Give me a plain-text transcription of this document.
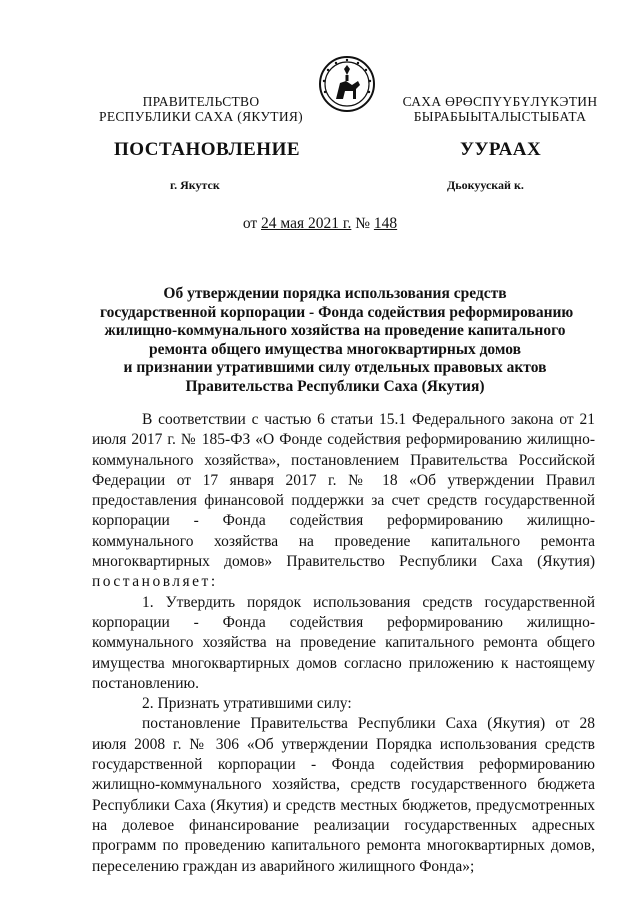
ПРАВИТЕЛЬСТВО
РЕСПУБЛИКИ САХА (ЯКУТИЯ)
САХА ӨРӨСПҮҮБҮЛҮКЭТИН
БЫРАБЫЫТАЛЫСТЫБАТА
ПОСТАНОВЛЕНИЕ	УУРААХ
г. Якутск	Дьокуускай к.
от 24 мая 2021 г. № 148
Об утверждении порядка использования средств
государственной корпорации - Фонда содействия реформированию
жилищно-коммунального хозяйства на проведение капитального
ремонта общего имущества многоквартирных домов
и признании утратившими силу отдельных правовых актов
Правительства Республики Саха (Якутия)

В соответствии с частью 6 статьи 15.1 Федерального закона от 21 июля 2017 г. № 185-ФЗ «О Фонде содействия реформированию жилищно-коммунального хозяйства», постановлением Правительства Российской Федерации от 17 января 2017 г. № 18 «Об утверждении Правил предоставления финансовой поддержки за счет средств государственной корпорации - Фонда содействия реформированию жилищно-коммунального хозяйства на проведение капитального ремонта многоквартирных домов» Правительство Республики Саха (Якутия) постановляет:

1. Утвердить порядок использования средств государственной корпорации - Фонда содействия реформированию жилищно-коммунального хозяйства на проведение капитального ремонта общего имущества многоквартирных домов согласно приложению к настоящему постановлению.

2. Признать утратившими силу:

постановление Правительства Республики Саха (Якутия) от 28 июля 2008 г. № 306 «Об утверждении Порядка использования средств государственной корпорации - Фонда содействия реформированию жилищно-коммунального хозяйства, средств государственного бюджета Республики Саха (Якутия) и средств местных бюджетов, предусмотренных на долевое финансирование реализации государственных адресных программ по проведению капитального ремонта многоквартирных домов, переселению граждан из аварийного жилищного Фонда»;
